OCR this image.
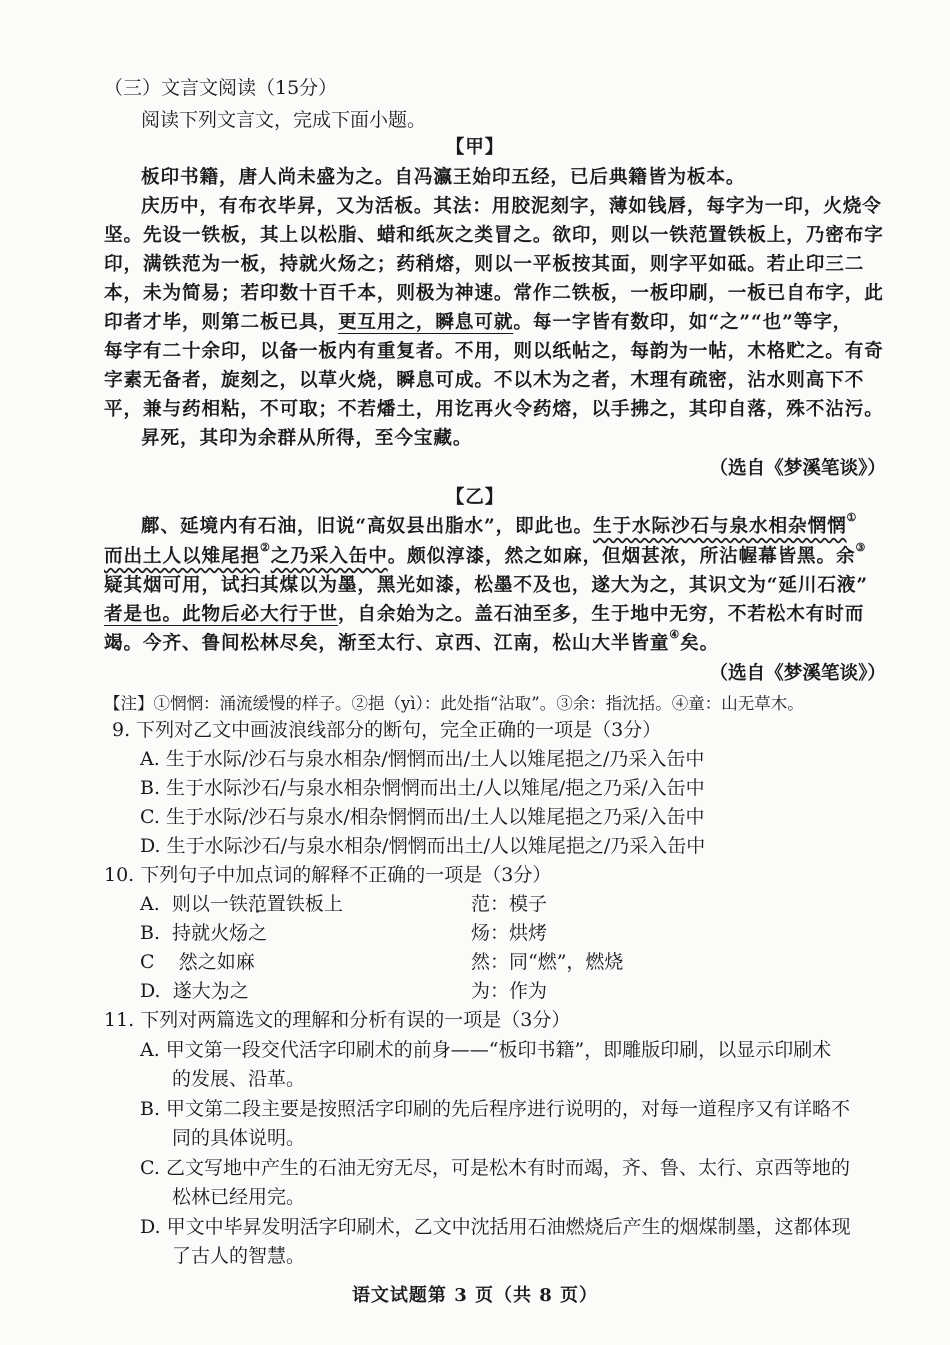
（三）文言文阅读（15分）
阅读下列文言文，完成下面小题。
【甲】
板印书籍，唐人尚未盛为之。自冯瀛王始印五经，已后典籍皆为板本。
庆历中，有布衣毕昇，又为活板。其法：用胶泥刻字，薄如钱唇，每字为一印，火烧令
坚。先设一铁板，其上以松脂、蜡和纸灰之类冒之。欲印，则以一铁范置铁板上，乃密布字
印，满铁范为一板，持就火炀之；药稍熔，则以一平板按其面，则字平如砥。若止印三二
本，未为简易；若印数十百千本，则极为神速。常作二铁板，一板印刷，一板已自布字，此
印者才毕，则第二板已具，更互用之，瞬息可就。每一字皆有数印，如“之”“也”等字，
每字有二十余印，以备一板内有重复者。不用，则以纸帖之，每韵为一帖，木格贮之。有奇
字素无备者，旋刻之，以草火烧，瞬息可成。不以木为之者，木理有疏密，沾水则高下不
平，兼与药相粘，不可取；不若燔土，用讫再火令药熔，以手拂之，其印自落，殊不沾污。
昇死，其印为余群从所得，至今宝藏。
（选自《梦溪笔谈》）
【乙】
鄜、延境内有石油，旧说“高奴县出脂水”，即此也。生于水际沙石与泉水相杂惘惘①
而出土人以雉尾挹②之乃采入缶中。颇似淳漆，然之如麻，但烟甚浓，所沾幄幕皆黑。余③
疑其烟可用，试扫其煤以为墨，黑光如漆，松墨不及也，遂大为之，其识文为“延川石液”
者是也。此物后必大行于世，自余始为之。盖石油至多，生于地中无穷，不若松木有时而
竭。今齐、鲁间松林尽矣，渐至太行、京西、江南，松山大半皆童④矣。
（选自《梦溪笔谈》）
【注】①惘惘：涌流缓慢的样子。②挹（yì）：此处指“沾取”。③余：指沈括。④童：山无草木。
9. 下列对乙文中画波浪线部分的断句，完全正确的一项是（3分）
A. 生于水际/沙石与泉水相杂/惘惘而出/土人以雉尾挹之/乃采入缶中
B. 生于水际沙石/与泉水相杂惘惘而出土/人以雉尾/挹之乃采/入缶中
C. 生于水际/沙石与泉水/相杂惘惘而出/土人以雉尾挹之乃采/入缶中
D. 生于水际沙石/与泉水相杂/惘惘而出土/人以雉尾挹之/乃采入缶中
10. 下列句子中加点词的解释不正确的一项是（3分）
A. 则以一铁范置铁板上	范：模子
B. 持就火炀之	炀：烘烤
C 然之如麻	然：同“燃”，燃烧
D. 遂大为之	为：作为
11. 下列对两篇选文的理解和分析有误的一项是（3分）
A. 甲文第一段交代活字印刷术的前身——“板印书籍”，即雕版印刷，以显示印刷术
的发展、沿革。
B. 甲文第二段主要是按照活字印刷的先后程序进行说明的，对每一道程序又有详略不
同的具体说明。
C. 乙文写地中产生的石油无穷无尽，可是松木有时而竭，齐、鲁、太行、京西等地的
松林已经用完。
D. 甲文中毕昇发明活字印刷术，乙文中沈括用石油燃烧后产生的烟煤制墨，这都体现
了古人的智慧。
语文试题第 3 页（共 8 页）
